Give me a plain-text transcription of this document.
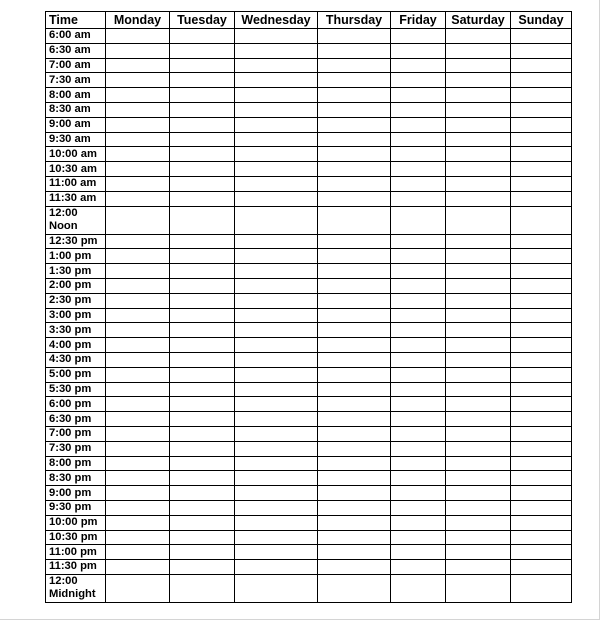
Time	Monday	Tuesday	Wednesday	Thursday	Friday	Saturday	Sunday
6:00 am							
6:30 am							
7:00 am							
7:30 am							
8:00 am							
8:30 am							
9:00 am							
9:30 am							
10:00 am							
10:30 am							
11:00 am							
11:30 am							
12:00 Noon							
12:30 pm							
1:00 pm							
1:30 pm							
2:00 pm							
2:30 pm							
3:00 pm							
3:30 pm							
4:00 pm							
4:30 pm							
5:00 pm							
5:30 pm							
6:00 pm							
6:30 pm							
7:00 pm							
7:30 pm							
8:00 pm							
8:30 pm							
9:00 pm							
9:30 pm							
10:00 pm							
10:30 pm							
11:00 pm							
11:30 pm							
12:00 Midnight							
